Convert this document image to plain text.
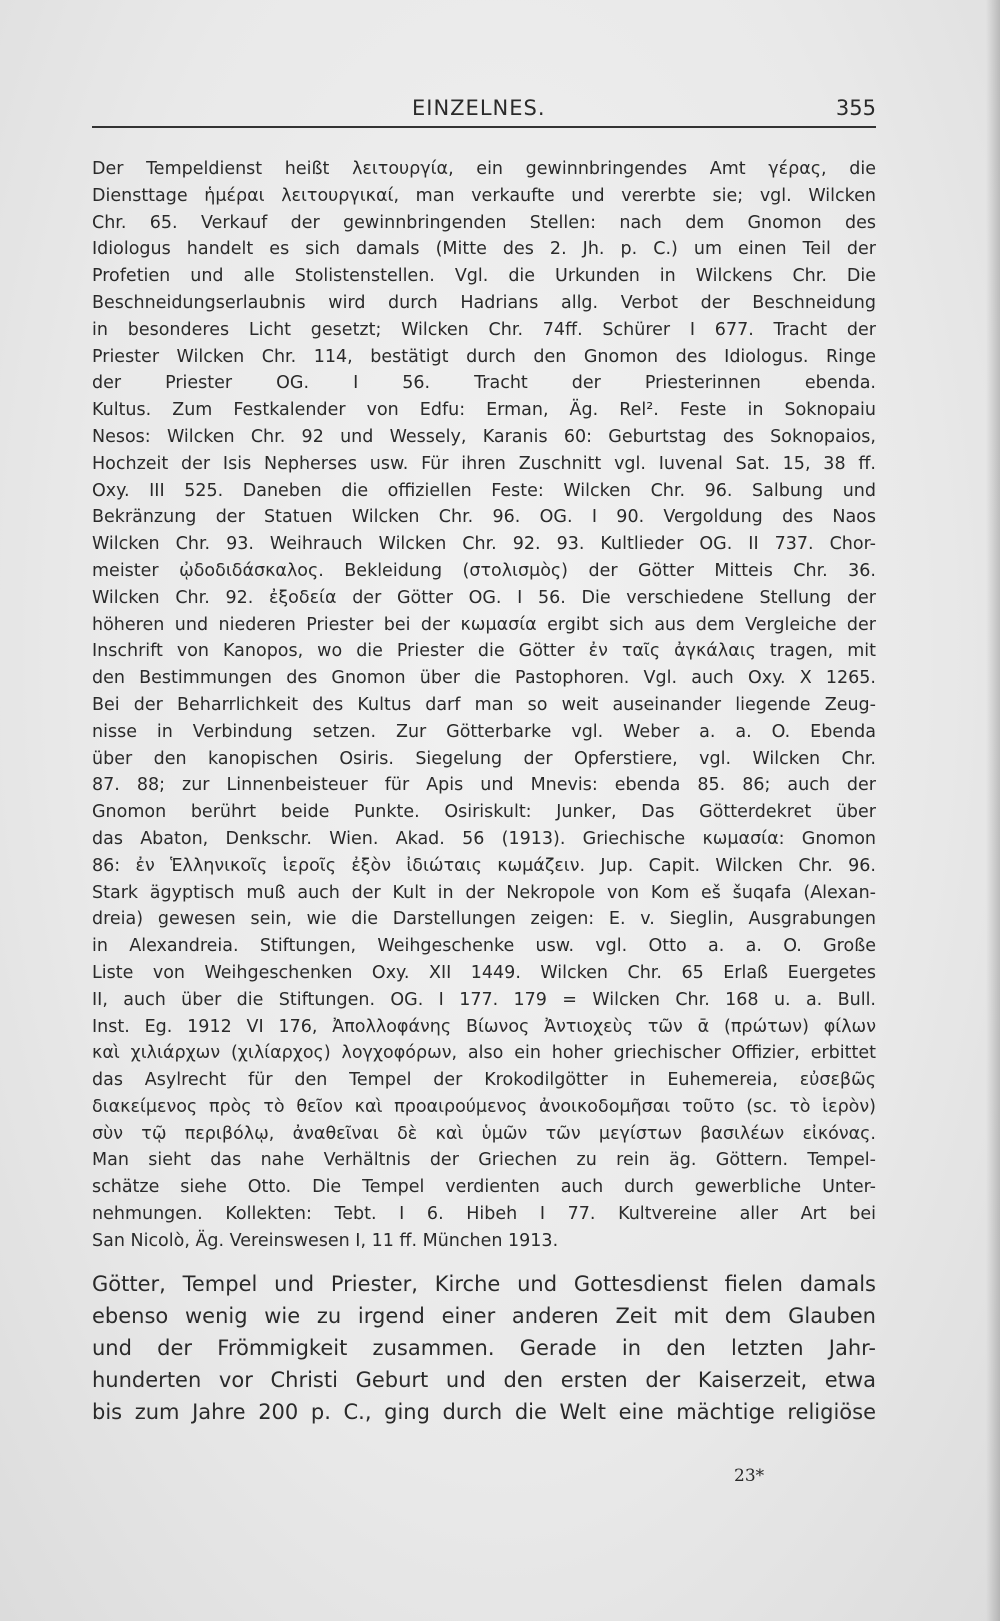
EINZELNES.	355
Der Tempeldienst heißt λειτουργία, ein gewinnbringendes Amt γέρας, die
Diensttage ἡμέραι λειτουργικαί, man verkaufte und vererbte sie; vgl. Wilcken
Chr. 65. Verkauf der gewinnbringenden Stellen: nach dem Gnomon des
Idiologus handelt es sich damals (Mitte des 2. Jh. p. C.) um einen Teil der
Profetien und alle Stolistenstellen. Vgl. die Urkunden in Wilckens Chr. Die
Beschneidungserlaubnis wird durch Hadrians allg. Verbot der Beschneidung
in besonderes Licht gesetzt; Wilcken Chr. 74ff. Schürer I 677. Tracht der
Priester Wilcken Chr. 114, bestätigt durch den Gnomon des Idiologus. Ringe
der Priester OG. I 56. Tracht der Priesterinnen ebenda.
Kultus. Zum Festkalender von Edfu: Erman, Äg. Rel². Feste in Soknopaiu
Nesos: Wilcken Chr. 92 und Wessely, Karanis 60: Geburtstag des Soknopaios,
Hochzeit der Isis Nepherses usw. Für ihren Zuschnitt vgl. Iuvenal Sat. 15, 38 ff.
Oxy. III 525. Daneben die offiziellen Feste: Wilcken Chr. 96. Salbung und
Bekränzung der Statuen Wilcken Chr. 96. OG. I 90. Vergoldung des Naos
Wilcken Chr. 93. Weihrauch Wilcken Chr. 92. 93. Kultlieder OG. II 737. Chor-
meister ᾠδοδιδάσκαλος. Bekleidung (στολισμὸς) der Götter Mitteis Chr. 36.
Wilcken Chr. 92. ἐξοδεία der Götter OG. I 56. Die verschiedene Stellung der
höheren und niederen Priester bei der κωμασία ergibt sich aus dem Vergleiche der
Inschrift von Kanopos, wo die Priester die Götter ἐν ταῖς ἀγκάλαις tragen, mit
den Bestimmungen des Gnomon über die Pastophoren. Vgl. auch Oxy. X 1265.
Bei der Beharrlichkeit des Kultus darf man so weit auseinander liegende Zeug-
nisse in Verbindung setzen. Zur Götterbarke vgl. Weber a. a. O. Ebenda
über den kanopischen Osiris. Siegelung der Opferstiere, vgl. Wilcken Chr.
87. 88; zur Linnenbeisteuer für Apis und Mnevis: ebenda 85. 86; auch der
Gnomon berührt beide Punkte. Osiriskult: Junker, Das Götterdekret über
das Abaton, Denkschr. Wien. Akad. 56 (1913). Griechische κωμασία: Gnomon
86: ἐν Ἑλληνικοῖς ἱεροῖς ἐξὸν ἰδιώταις κωμάζειν. Jup. Capit. Wilcken Chr. 96.
Stark ägyptisch muß auch der Kult in der Nekropole von Kom eš šuqafa (Alexan-
dreia) gewesen sein, wie die Darstellungen zeigen: E. v. Sieglin, Ausgrabungen
in Alexandreia. Stiftungen, Weihgeschenke usw. vgl. Otto a. a. O. Große
Liste von Weihgeschenken Oxy. XII 1449. Wilcken Chr. 65 Erlaß Euergetes
II, auch über die Stiftungen. OG. I 177. 179 = Wilcken Chr. 168 u. a. Bull.
Inst. Eg. 1912 VI 176, Ἀπολλοφάνης Βίωνος Ἀντιοχεὺς τῶν ᾱ (πρώτων) φίλων
καὶ χιλιάρχων (χιλίαρχος) λογχοφόρων, also ein hoher griechischer Offizier, erbittet
das Asylrecht für den Tempel der Krokodilgötter in Euhemereia, εὐσεβῶς
διακείμενος πρὸς τὸ θεῖον καὶ προαιρούμενος ἀνοικοδομῆσαι τοῦτο (sc. τὸ ἱερὸν)
σὺν τῷ περιβόλῳ, ἀναθεῖναι δὲ καὶ ὑμῶν τῶν μεγίστων βασιλέων εἰκόνας.
Man sieht das nahe Verhältnis der Griechen zu rein äg. Göttern. Tempel-
schätze siehe Otto. Die Tempel verdienten auch durch gewerbliche Unter-
nehmungen. Kollekten: Tebt. I 6. Hibeh I 77. Kultvereine aller Art bei
San Nicolò, Äg. Vereinswesen I, 11 ff. München 1913.
Götter, Tempel und Priester, Kirche und Gottesdienst fielen damals
ebenso wenig wie zu irgend einer anderen Zeit mit dem Glauben
und der Frömmigkeit zusammen. Gerade in den letzten Jahr-
hunderten vor Christi Geburt und den ersten der Kaiserzeit, etwa
bis zum Jahre 200 p. C., ging durch die Welt eine mächtige religiöse
23*
